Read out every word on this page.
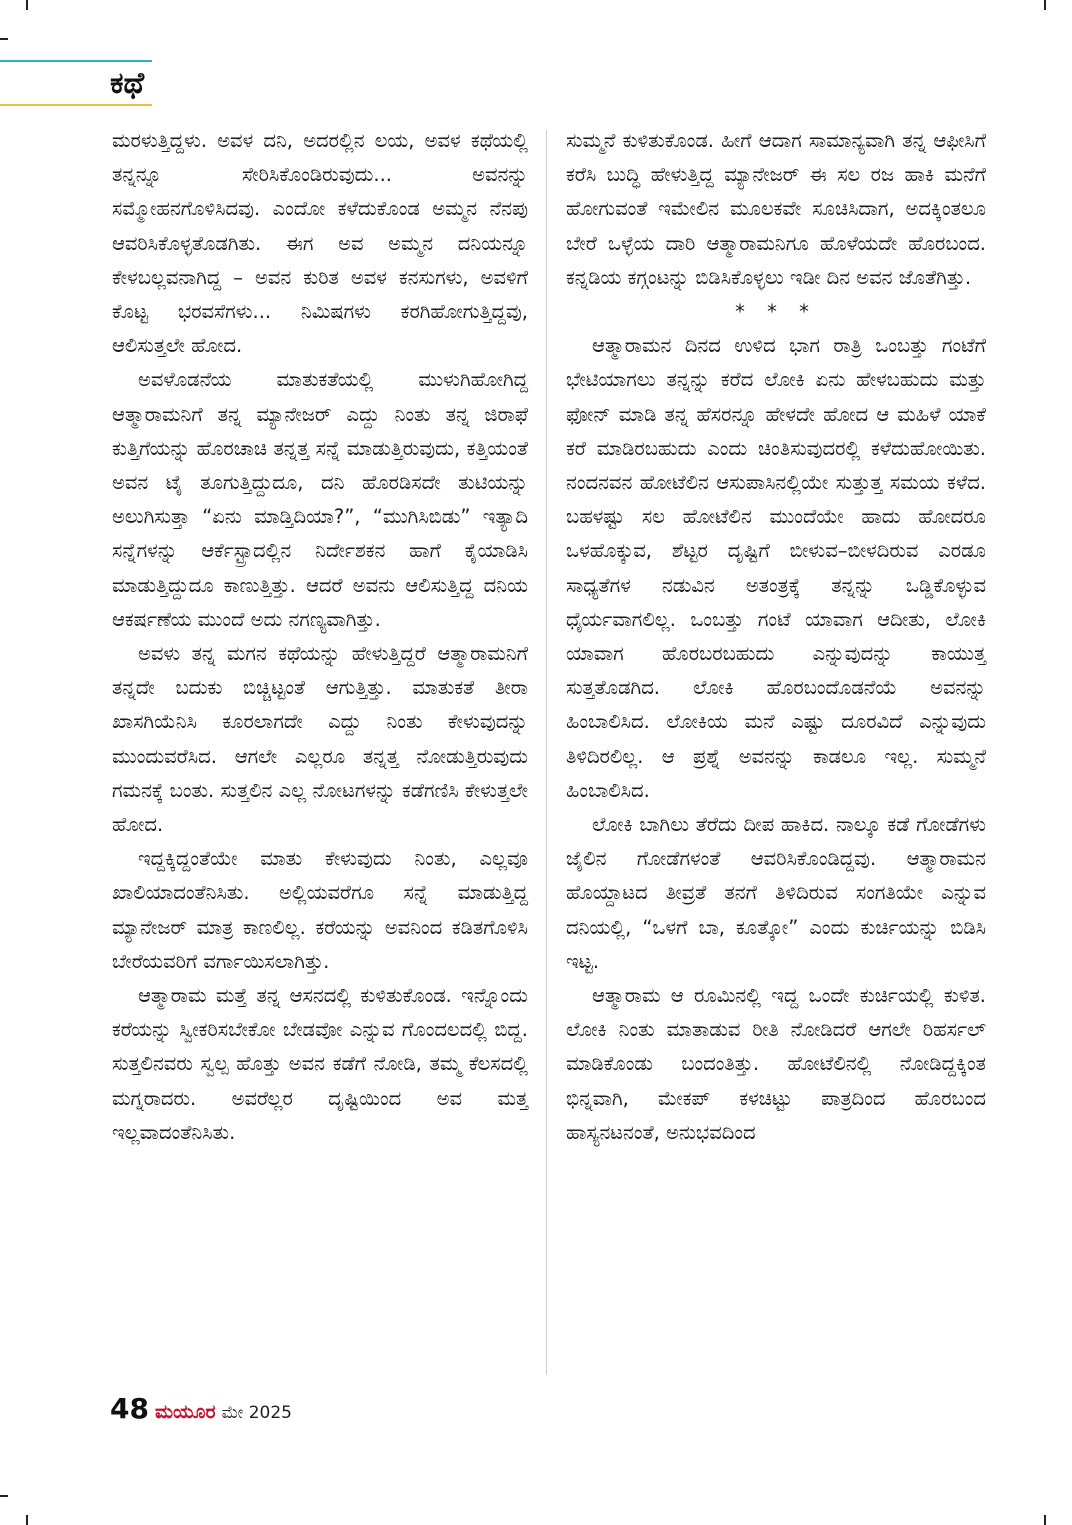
ಕಥೆ

ಮರಳುತ್ತಿದ್ದಳು. ಅವಳ ದನಿ, ಅದರಲ್ಲಿನ ಲಯ, ಅವಳ ಕಥೆಯಲ್ಲಿ ತನ್ನನ್ನೂ ಸೇರಿಸಿಕೊಂಡಿರುವುದು... ಅವನನ್ನು ಸಮ್ಮೋಹನಗೊಳಿಸಿದವು. ಎಂದೋ ಕಳೆದುಕೊಂಡ ಅಮ್ಮನ ನೆನಪು ಆವರಿಸಿಕೊಳ್ಳತೊಡಗಿತು. ಈಗ ಅವ ಅಮ್ಮನ ದನಿಯನ್ನೂ ಕೇಳಬಲ್ಲವನಾಗಿದ್ದ – ಅವನ ಕುರಿತ ಅವಳ ಕನಸುಗಳು, ಅವಳಿಗೆ ಕೊಟ್ಟ ಭರವಸೆಗಳು... ನಿಮಿಷಗಳು ಕರಗಿಹೋಗುತ್ತಿದ್ದವು, ಆಲಿಸುತ್ತಲೇ ಹೋದ.

ಅವಳೊಡನೆಯ ಮಾತುಕತೆಯಲ್ಲಿ ಮುಳುಗಿಹೋಗಿದ್ದ ಆತ್ಮಾರಾಮನಿಗೆ ತನ್ನ ಮ್ಯಾನೇಜರ್ ಎದ್ದು ನಿಂತು ತನ್ನ ಜಿರಾಫೆ ಕುತ್ತಿಗೆಯನ್ನು ಹೊರಚಾಚಿ ತನ್ನತ್ತ ಸನ್ನೆ ಮಾಡುತ್ತಿರುವುದು, ಕತ್ತಿಯಂತೆ ಅವನ ಟೈ ತೂಗುತ್ತಿದ್ದುದೂ, ದನಿ ಹೊರಡಿಸದೇ ತುಟಿಯನ್ನು ಅಲುಗಿಸುತ್ತಾ “ಏನು ಮಾಡ್ತಿದಿಯಾ?”, “ಮುಗಿಸಿಬಿಡು” ಇತ್ಯಾದಿ ಸನ್ನೆಗಳನ್ನು ಆರ್ಕೆಸ್ಟ್ರಾದಲ್ಲಿನ ನಿರ್ದೇಶಕನ ಹಾಗೆ ಕೈಯಾಡಿಸಿ ಮಾಡುತ್ತಿದ್ದುದೂ ಕಾಣುತ್ತಿತ್ತು. ಆದರೆ ಅವನು ಆಲಿಸುತ್ತಿದ್ದ ದನಿಯ ಆಕರ್ಷಣೆಯ ಮುಂದೆ ಅದು ನಗಣ್ಯವಾಗಿತ್ತು.

ಅವಳು ತನ್ನ ಮಗನ ಕಥೆಯನ್ನು ಹೇಳುತ್ತಿದ್ದರೆ ಆತ್ಮಾರಾಮನಿಗೆ ತನ್ನದೇ ಬದುಕು ಬಿಚ್ಚಿಟ್ಟಂತೆ ಆಗುತ್ತಿತ್ತು. ಮಾತುಕತೆ ತೀರಾ ಖಾಸಗಿಯೆನಿಸಿ ಕೂರಲಾಗದೇ ಎದ್ದು ನಿಂತು ಕೇಳುವುದನ್ನು ಮುಂದುವರೆಸಿದ. ಆಗಲೇ ಎಲ್ಲರೂ ತನ್ನತ್ತ ನೋಡುತ್ತಿರುವುದು ಗಮನಕ್ಕೆ ಬಂತು. ಸುತ್ತಲಿನ ಎಲ್ಲ ನೋಟಗಳನ್ನು ಕಡೆಗಣಿಸಿ ಕೇಳುತ್ತಲೇ ಹೋದ.

ಇದ್ದಕ್ಕಿದ್ದಂತೆಯೇ ಮಾತು ಕೇಳುವುದು ನಿಂತು, ಎಲ್ಲವೂ ಖಾಲಿಯಾದಂತೆನಿಸಿತು. ಅಲ್ಲಿಯವರೆಗೂ ಸನ್ನೆ ಮಾಡುತ್ತಿದ್ದ ಮ್ಯಾನೇಜರ್ ಮಾತ್ರ ಕಾಣಲಿಲ್ಲ. ಕರೆಯನ್ನು ಅವನಿಂದ ಕಡಿತಗೊಳಿಸಿ ಬೇರೆಯವರಿಗೆ ವರ್ಗಾಯಿಸಲಾಗಿತ್ತು.

ಆತ್ಮಾರಾಮ ಮತ್ತೆ ತನ್ನ ಆಸನದಲ್ಲಿ ಕುಳಿತುಕೊಂಡ. ಇನ್ನೊಂದು ಕರೆಯನ್ನು ಸ್ವೀಕರಿಸಬೇಕೋ ಬೇಡವೋ ಎನ್ನುವ ಗೊಂದಲದಲ್ಲಿ ಬಿದ್ದ. ಸುತ್ತಲಿನವರು ಸ್ವಲ್ಪ ಹೊತ್ತು ಅವನ ಕಡೆಗೆ ನೋಡಿ, ತಮ್ಮ ಕೆಲಸದಲ್ಲಿ ಮಗ್ನರಾದರು. ಅವರೆಲ್ಲರ ದೃಷ್ಟಿಯಿಂದ ಅವ ಮತ್ತ ಇಲ್ಲವಾದಂತೆನಿಸಿತು.

ಸುಮ್ಮನೆ ಕುಳಿತುಕೊಂಡ. ಹೀಗೆ ಆದಾಗ ಸಾಮಾನ್ಯವಾಗಿ ತನ್ನ ಆಫೀಸಿಗೆ ಕರೆಸಿ ಬುದ್ಧಿ ಹೇಳುತ್ತಿದ್ದ ಮ್ಯಾನೇಜರ್ ಈ ಸಲ ರಜ ಹಾಕಿ ಮನೆಗೆ ಹೋಗುವಂತೆ ಇಮೇಲಿನ ಮೂಲಕವೇ ಸೂಚಿಸಿದಾಗ, ಅದಕ್ಕಿಂತಲೂ ಬೇರೆ ಒಳ್ಳೆಯ ದಾರಿ ಆತ್ಮಾರಾಮನಿಗೂ ಹೊಳೆಯದೇ ಹೊರಬಂದ. ಕನ್ನಡಿಯ ಕಗ್ಗಂಟನ್ನು ಬಿಡಿಸಿಕೊಳ್ಳಲು ಇಡೀ ದಿನ ಅವನ ಜೊತೆಗಿತ್ತು.

* * *

ಆತ್ಮಾರಾಮನ ದಿನದ ಉಳಿದ ಭಾಗ ರಾತ್ರಿ ಒಂಬತ್ತು ಗಂಟೆಗೆ ಭೇಟಿಯಾಗಲು ತನ್ನನ್ನು ಕರೆದ ಲೋಕಿ ಏನು ಹೇಳಬಹುದು ಮತ್ತು ಫೋನ್ ಮಾಡಿ ತನ್ನ ಹೆಸರನ್ನೂ ಹೇಳದೇ ಹೋದ ಆ ಮಹಿಳೆ ಯಾಕೆ ಕರೆ ಮಾಡಿರಬಹುದು ಎಂದು ಚಿಂತಿಸುವುದರಲ್ಲಿ ಕಳೆದುಹೋಯಿತು. ನಂದನವನ ಹೋಟೆಲಿನ ಆಸುಪಾಸಿನಲ್ಲಿಯೇ ಸುತ್ತುತ್ತ ಸಮಯ ಕಳೆದ. ಬಹಳಷ್ಟು ಸಲ ಹೋಟೆಲಿನ ಮುಂದೆಯೇ ಹಾದು ಹೋದರೂ ಒಳಹೊಕ್ಕುವ, ಶೆಟ್ಟರ ದೃಷ್ಟಿಗೆ ಬೀಳುವ–ಬೀಳದಿರುವ ಎರಡೂ ಸಾಧ್ಯತೆಗಳ ನಡುವಿನ ಅತಂತ್ರಕ್ಕೆ ತನ್ನನ್ನು ಒಡ್ಡಿಕೊಳ್ಳುವ ಧೈರ್ಯವಾಗಲಿಲ್ಲ. ಒಂಬತ್ತು ಗಂಟೆ ಯಾವಾಗ ಆದೀತು, ಲೋಕಿ ಯಾವಾಗ ಹೊರಬರಬಹುದು ಎನ್ನುವುದನ್ನು ಕಾಯುತ್ತ ಸುತ್ತತೊಡಗಿದ. ಲೋಕಿ ಹೊರಬಂದೊಡನೆಯೆ ಅವನನ್ನು ಹಿಂಬಾಲಿಸಿದ. ಲೋಕಿಯ ಮನೆ ಎಷ್ಟು ದೂರವಿದೆ ಎನ್ನುವುದು ತಿಳಿದಿರಲಿಲ್ಲ. ಆ ಪ್ರಶ್ನೆ ಅವನನ್ನು ಕಾಡಲೂ ಇಲ್ಲ. ಸುಮ್ಮನೆ ಹಿಂಬಾಲಿಸಿದ.

ಲೋಕಿ ಬಾಗಿಲು ತೆರೆದು ದೀಪ ಹಾಕಿದ. ನಾಲ್ಕೂ ಕಡೆ ಗೋಡೆಗಳು ಜೈಲಿನ ಗೋಡೆಗಳಂತೆ ಆವರಿಸಿಕೊಂಡಿದ್ದವು. ಆತ್ಮಾರಾಮನ ಹೊಯ್ದಾಟದ ತೀವ್ರತೆ ತನಗೆ ತಿಳಿದಿರುವ ಸಂಗತಿಯೇ ಎನ್ನುವ ದನಿಯಲ್ಲಿ, “ಒಳಗೆ ಬಾ, ಕೂತ್ಕೋ” ಎಂದು ಕುರ್ಚಿಯನ್ನು ಬಿಡಿಸಿ ಇಟ್ಟ.

ಆತ್ಮಾರಾಮ ಆ ರೂಮಿನಲ್ಲಿ ಇದ್ದ ಒಂದೇ ಕುರ್ಚಿಯಲ್ಲಿ ಕುಳಿತ. ಲೋಕಿ ನಿಂತು ಮಾತಾಡುವ ರೀತಿ ನೋಡಿದರೆ ಆಗಲೇ ರಿಹರ್ಸಲ್ ಮಾಡಿಕೊಂಡು ಬಂದಂತಿತ್ತು. ಹೋಟೆಲಿನಲ್ಲಿ ನೋಡಿದ್ದಕ್ಕಿಂತ ಭಿನ್ನವಾಗಿ, ಮೇಕಪ್ ಕಳಚಿಟ್ಟು ಪಾತ್ರದಿಂದ ಹೊರಬಂದ ಹಾಸ್ಯನಟನಂತೆ, ಅನುಭವದಿಂದ

48 ಮಯೂರ ಮೇ 2025
